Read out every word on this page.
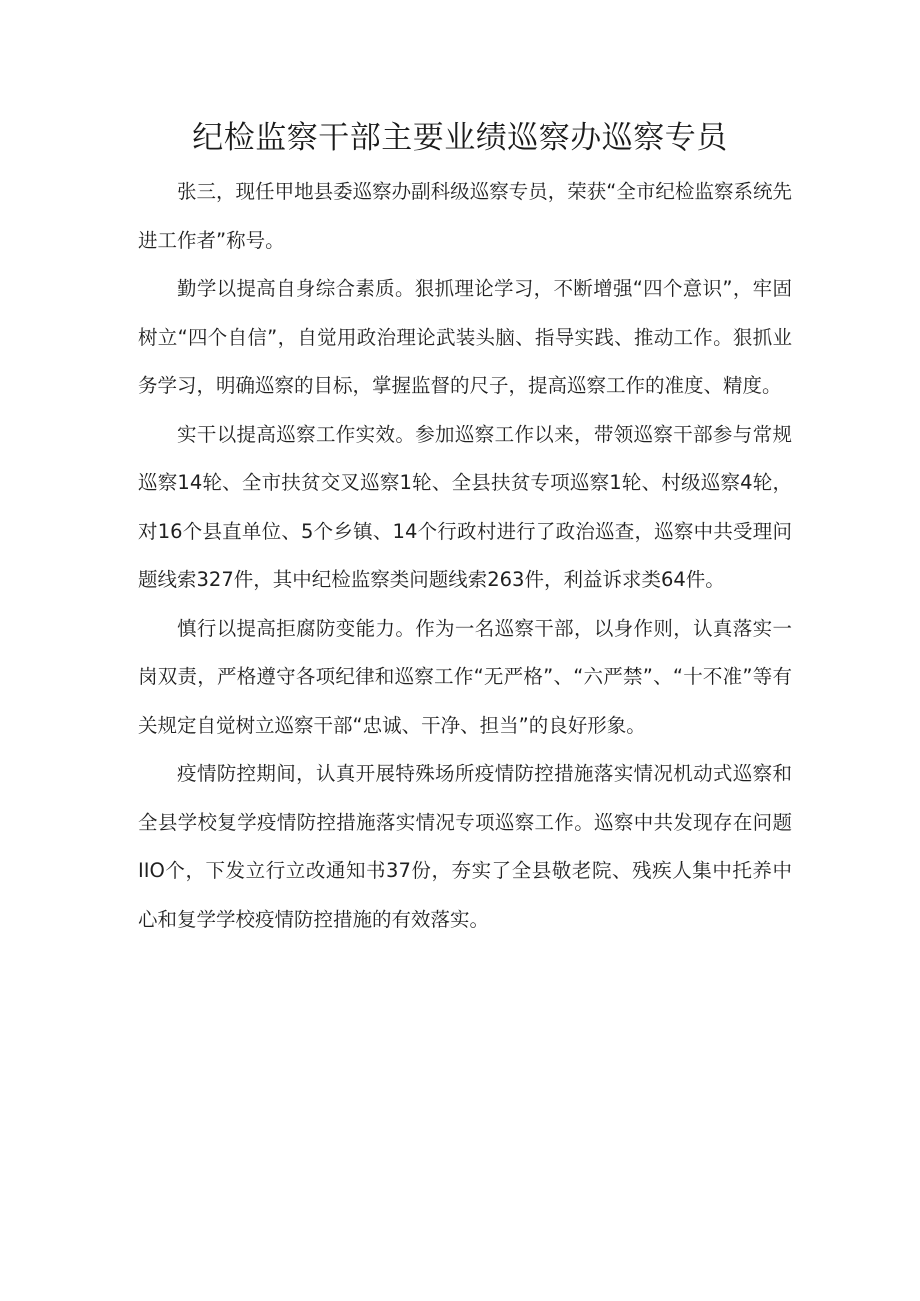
纪检监察干部主要业绩巡察办巡察专员

张三，现任甲地县委巡察办副科级巡察专员，荣获“全市纪检监察系统先进工作者”称号。

勤学以提高自身综合素质。狠抓理论学习，不断增强“四个意识”，牢固树立“四个自信”，自觉用政治理论武装头脑、指导实践、推动工作。狠抓业务学习，明确巡察的目标，掌握监督的尺子，提高巡察工作的准度、精度。

实干以提高巡察工作实效。参加巡察工作以来，带领巡察干部参与常规巡察14轮、全市扶贫交叉巡察1轮、全县扶贫专项巡察1轮、村级巡察4轮，对16个县直单位、5个乡镇、14个行政村进行了政治巡查，巡察中共受理问题线索327件，其中纪检监察类问题线索263件，利益诉求类64件。

慎行以提高拒腐防变能力。作为一名巡察干部，以身作则，认真落实一岗双责，严格遵守各项纪律和巡察工作“无严格”、“六严禁”、“十不准”等有关规定自觉树立巡察干部“忠诚、干净、担当”的良好形象。

疫情防控期间，认真开展特殊场所疫情防控措施落实情况机动式巡察和全县学校复学疫情防控措施落实情况专项巡察工作。巡察中共发现存在问题IIO个，下发立行立改通知书37份，夯实了全县敬老院、残疾人集中托养中心和复学学校疫情防控措施的有效落实。
